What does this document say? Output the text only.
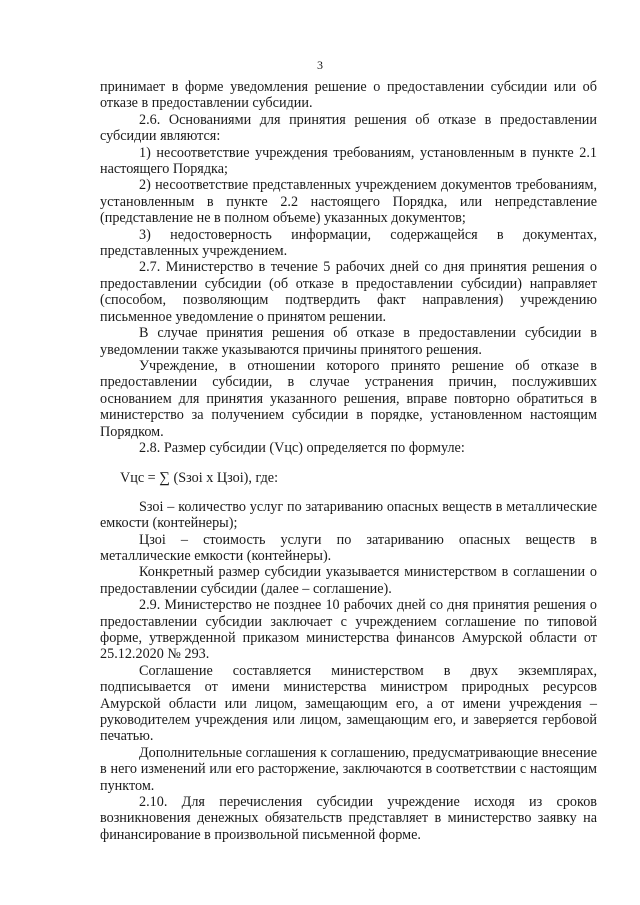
3

принимает в форме уведомления решение о предоставлении субсидии или об отказе в предоставлении субсидии.

2.6. Основаниями для принятия решения об отказе в предоставлении субсидии являются:

1) несоответствие учреждения требованиям, установленным в пункте 2.1 настоящего Порядка;

2) несоответствие представленных учреждением документов требованиям, установленным в пункте 2.2 настоящего Порядка, или непредставление (представление не в полном объеме) указанных документов;

3) недостоверность информации, содержащейся в документах, представленных учреждением.

2.7. Министерство в течение 5 рабочих дней со дня принятия решения о предоставлении субсидии (об отказе в предоставлении субсидии) направляет (способом, позволяющим подтвердить факт направления) учреждению письменное уведомление о принятом решении.

В случае принятия решения об отказе в предоставлении субсидии в уведомлении также указываются причины принятого решения.

Учреждение, в отношении которого принято решение об отказе в предоставлении субсидии, в случае устранения причин, послуживших основанием для принятия указанного решения, вправе повторно обратиться в министерство за получением субсидии в порядке, установленном настоящим Порядком.

2.8. Размер субсидии (Vцс) определяется по формуле:

Vцс = ∑ (Sзоi х Цзоi), где:

Sзоi – количество услуг по затариванию опасных веществ в металлические емкости (контейнеры);

Цзоi – стоимость услуги по затариванию опасных веществ в металлические емкости (контейнеры).

Конкретный размер субсидии указывается министерством в соглашении о предоставлении субсидии (далее – соглашение).

2.9. Министерство не позднее 10 рабочих дней со дня принятия решения о предоставлении субсидии заключает с учреждением соглашение по типовой форме, утвержденной приказом министерства финансов Амурской области от 25.12.2020 № 293.

Соглашение составляется министерством в двух экземплярах, подписывается от имени министерства министром природных ресурсов Амурской области или лицом, замещающим его, а от имени учреждения – руководителем учреждения или лицом, замещающим его, и заверяется гербовой печатью.

Дополнительные соглашения к соглашению, предусматривающие внесение в него изменений или его расторжение, заключаются в соответствии с настоящим пунктом.

2.10. Для перечисления субсидии учреждение исходя из сроков возникновения денежных обязательств представляет в министерство заявку на финансирование в произвольной письменной форме.
